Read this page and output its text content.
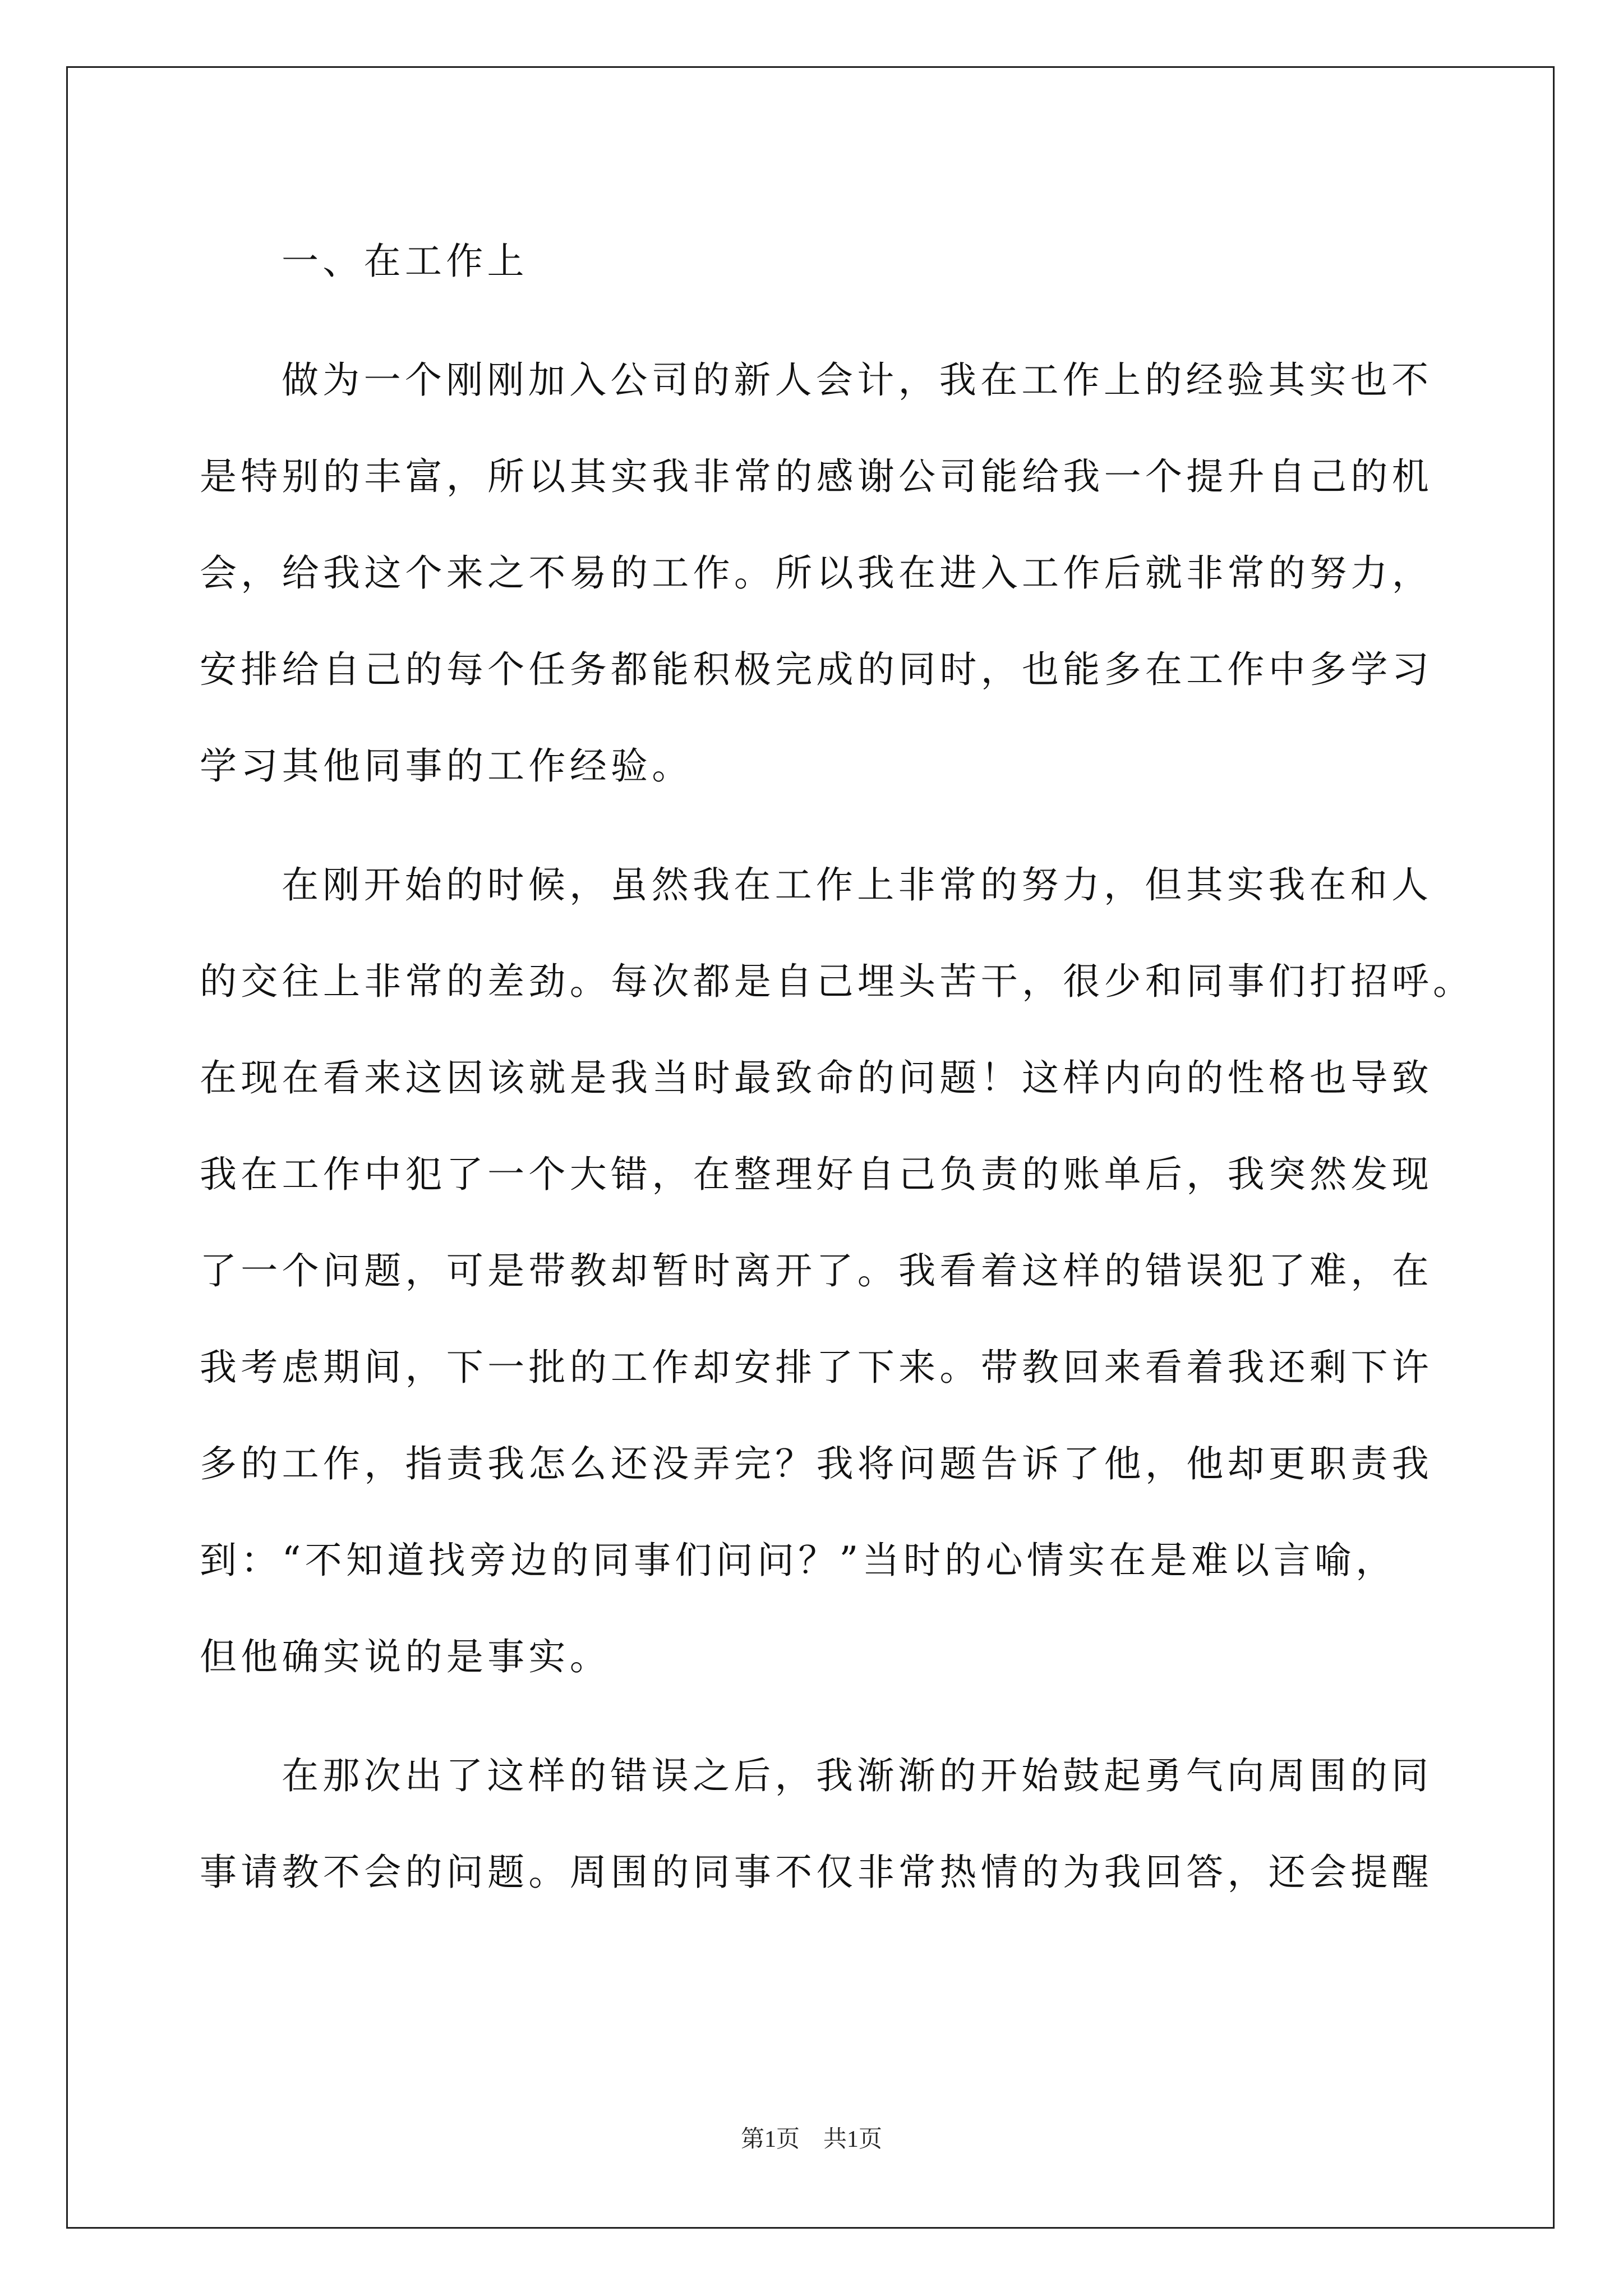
一、在工作上
做为一个刚刚加入公司的新人会计，我在工作上的经验其实也不
是特别的丰富，所以其实我非常的感谢公司能给我一个提升自己的机
会，给我这个来之不易的工作。所以我在进入工作后就非常的努力，
安排给自己的每个任务都能积极完成的同时，也能多在工作中多学习
学习其他同事的工作经验。
在刚开始的时候，虽然我在工作上非常的努力，但其实我在和人
的交往上非常的差劲。每次都是自己埋头苦干，很少和同事们打招呼。
在现在看来这因该就是我当时最致命的问题！这样内向的性格也导致
我在工作中犯了一个大错，在整理好自己负责的账单后，我突然发现
了一个问题，可是带教却暂时离开了。我看着这样的错误犯了难，在
我考虑期间，下一批的工作却安排了下来。带教回来看着我还剩下许
多的工作，指责我怎么还没弄完？我将问题告诉了他，他却更职责我
到：“不知道找旁边的同事们问问？”当时的心情实在是难以言喻，
但他确实说的是事实。
在那次出了这样的错误之后，我渐渐的开始鼓起勇气向周围的同
事请教不会的问题。周围的同事不仅非常热情的为我回答，还会提醒
第1页　共1页
